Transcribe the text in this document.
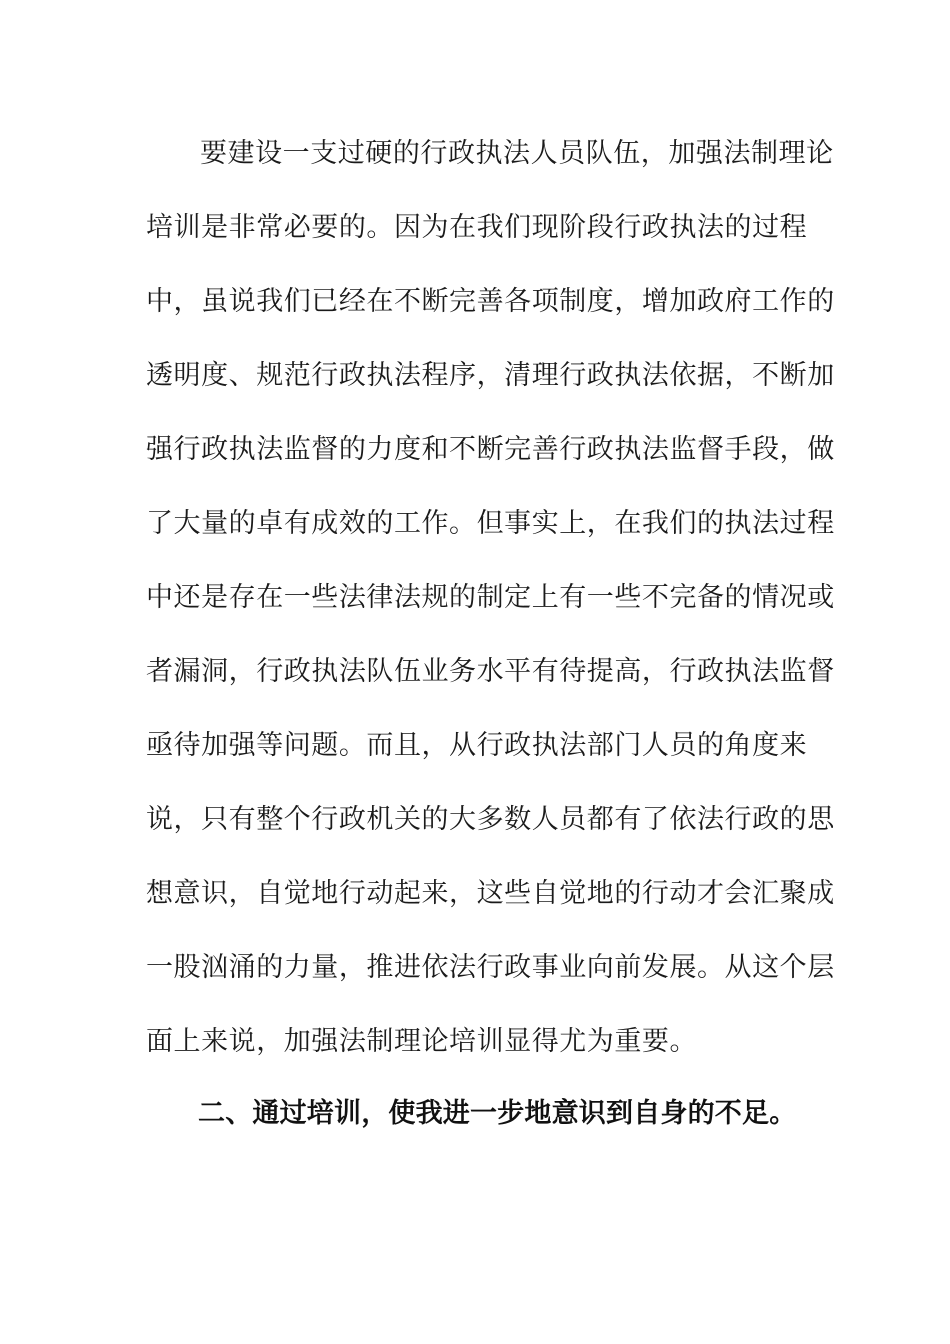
要建设一支过硬的行政执法人员队伍，加强法制理论
培训是非常必要的。因为在我们现阶段行政执法的过程
中，虽说我们已经在不断完善各项制度，增加政府工作的
透明度、规范行政执法程序，清理行政执法依据，不断加
强行政执法监督的力度和不断完善行政执法监督手段，做
了大量的卓有成效的工作。但事实上，在我们的执法过程
中还是存在一些法律法规的制定上有一些不完备的情况或
者漏洞，行政执法队伍业务水平有待提高，行政执法监督
亟待加强等问题。而且，从行政执法部门人员的角度来
说，只有整个行政机关的大多数人员都有了依法行政的思
想意识，自觉地行动起来，这些自觉地的行动才会汇聚成
一股汹涌的力量，推进依法行政事业向前发展。从这个层
面上来说，加强法制理论培训显得尤为重要。
二、通过培训，使我进一步地意识到自身的不足。
